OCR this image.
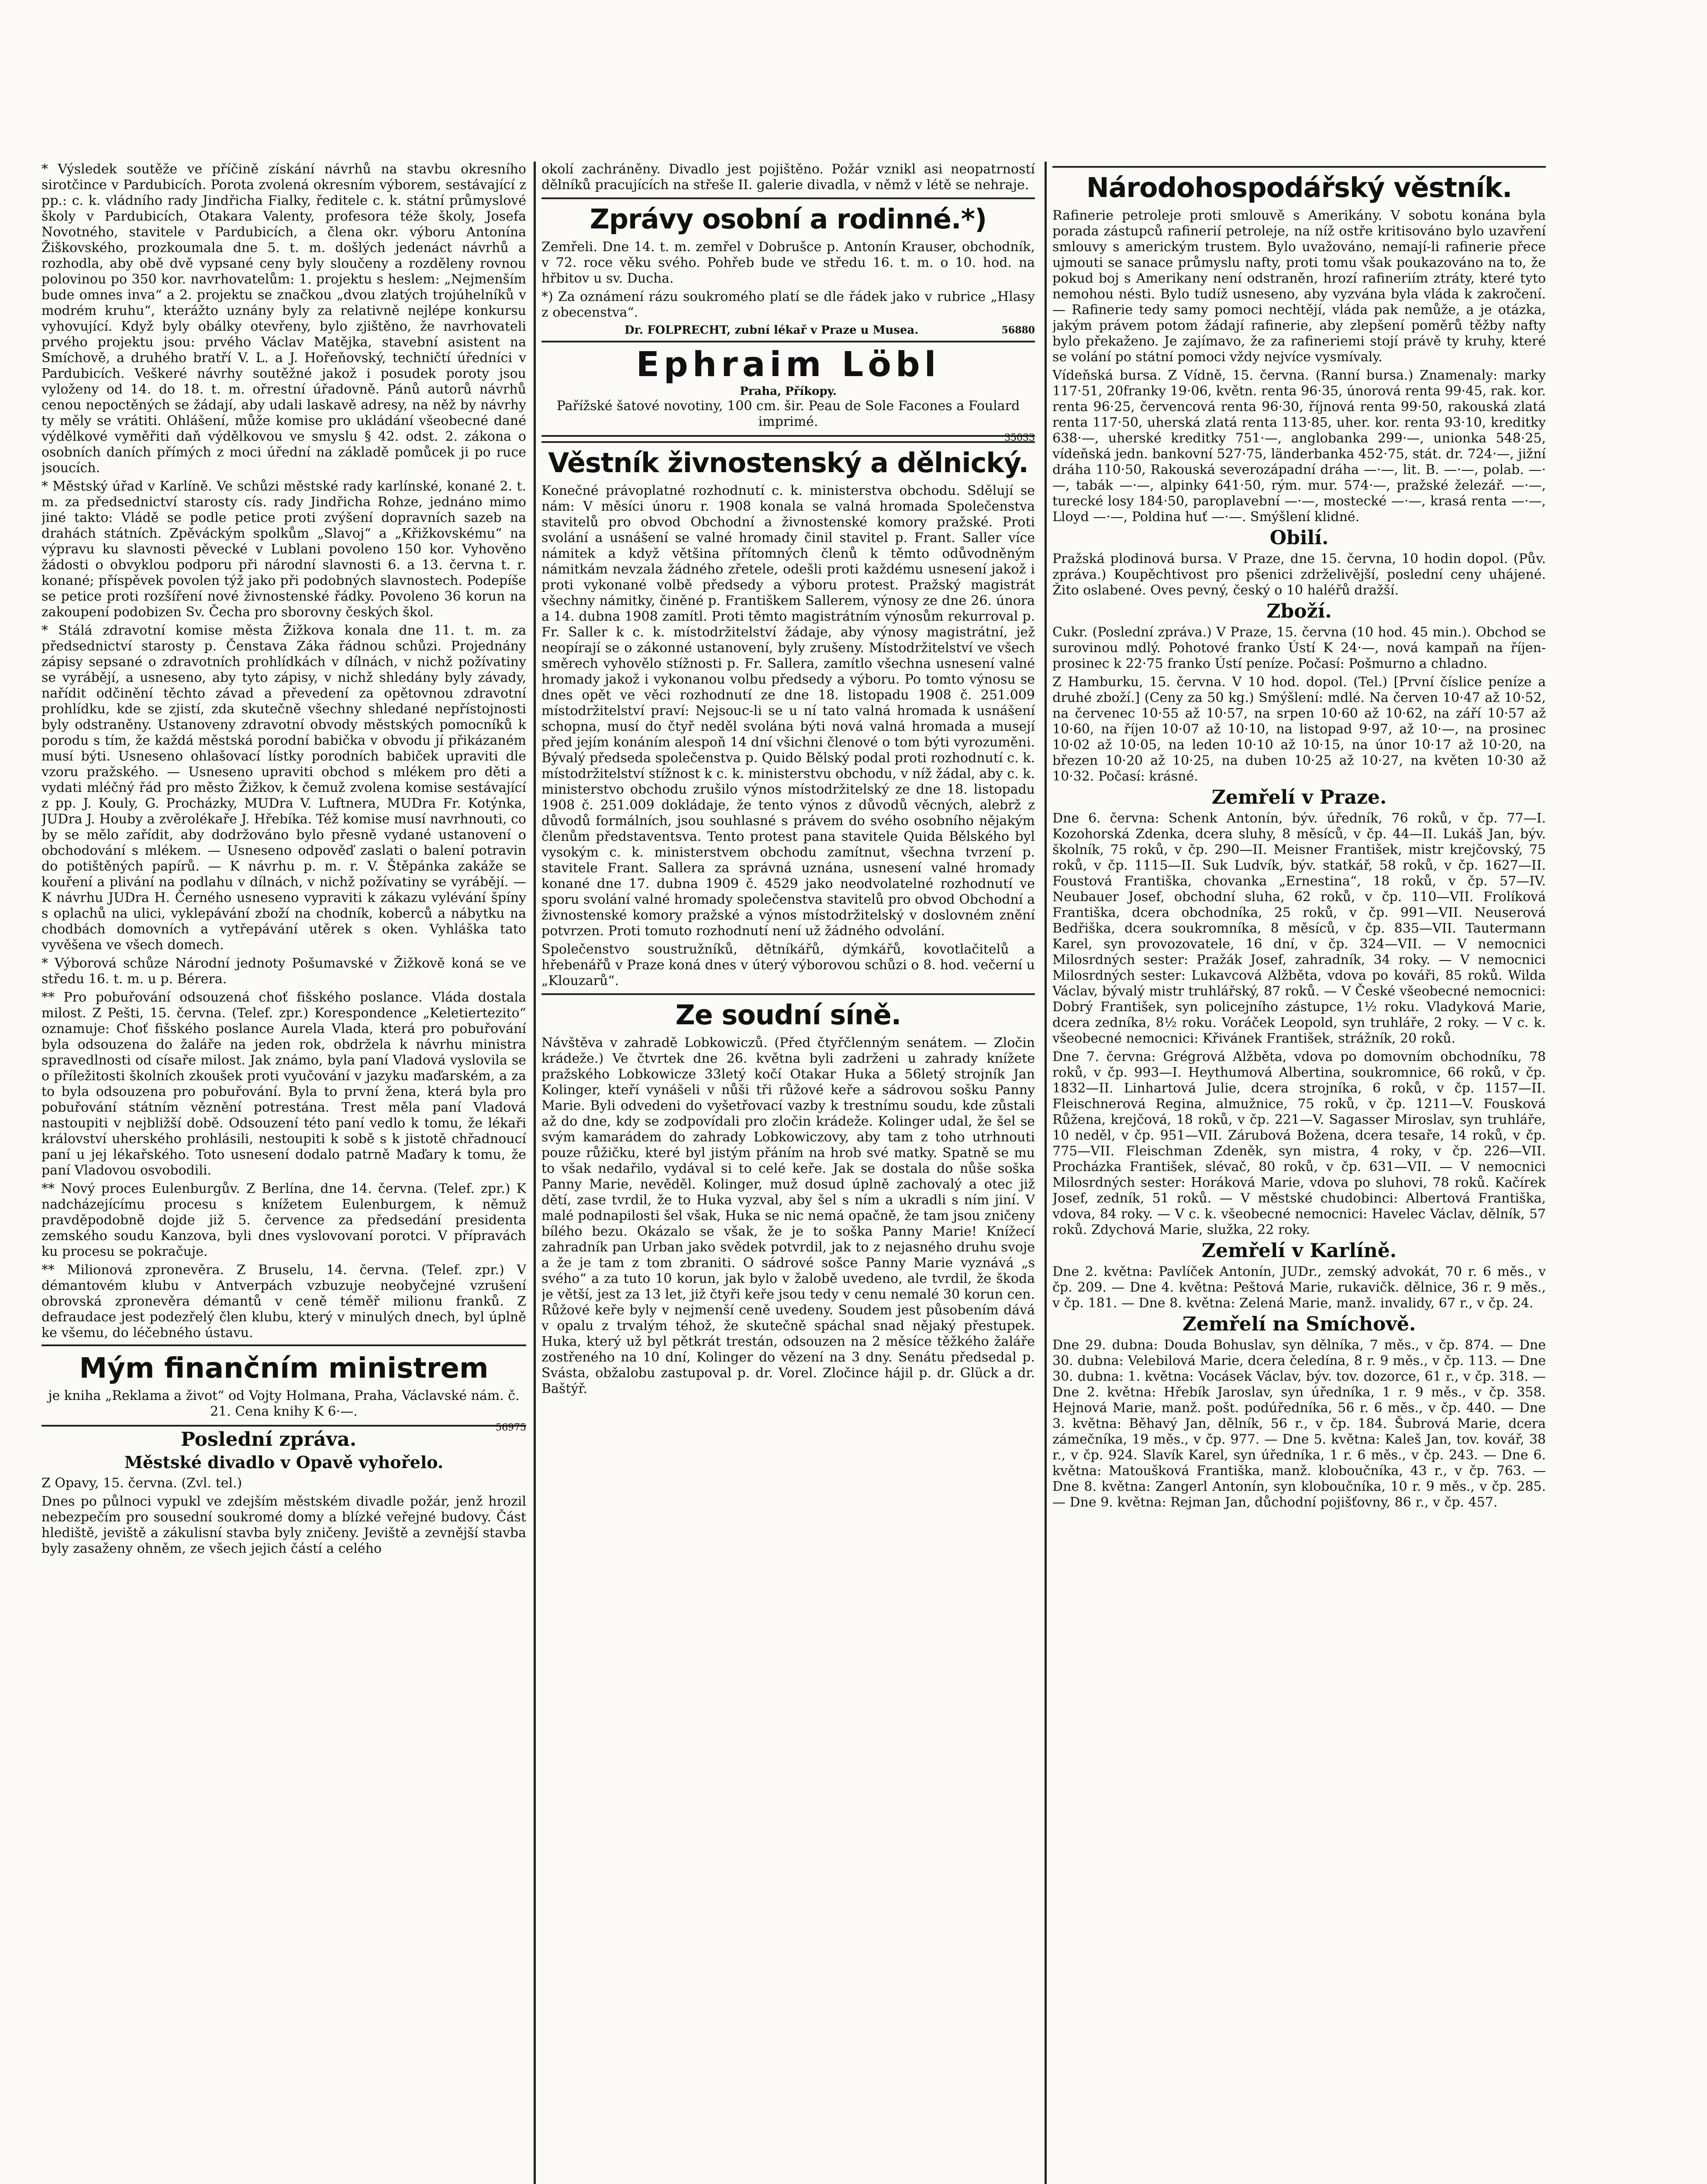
* Výsledek soutěže ve příčině získání návrhů na stavbu okresního sirotčince v Pardubicích. Porota zvolená okresním výborem, sestávající z pp.: c. k. vládního rady Jindřicha Fialky, ředitele c. k. státní průmyslové školy v Pardubicích, Otakara Valenty, profesora téže školy, Josefa Novotného, stavitele v Pardubicích, a člena okr. výboru Antonína Žiškovského, prozkoumala dne 5. t. m. došlých jedenáct návrhů a rozhodla, aby obě dvě vypsané ceny byly sloučeny a rozděleny rovnou polovinou po 350 kor. navrhovatelům: 1. projektu s heslem: „Nejmenším bude omnes inva“ a 2. projektu se značkou „dvou zlatých trojúhelníků v modrém kruhu“, kterážto uznány byly za relativně nejlépe konkursu vyhovující. Když byly obálky otevřeny, bylo zjištěno, že navrhovateli prvého projektu jsou: prvého Václav Matějka, stavební asistent na Smíchově, a druhého bratří V. L. a J. Hořeňovský, techničtí úředníci v Pardubicích. Veškeré návrhy soutěžné jakož i posudek poroty jsou vyloženy od 14. do 18. t. m. ořrestní úřadovně. Pánů autorů návrhů cenou nepoctěných se žádají, aby udali laskavě adresy, na něž by návrhy ty měly se vrátiti. Ohlášení, může komise pro ukládání všeobecné dané výdělkové vyměřiti daň výdělkovou ve smyslu § 42. odst. 2. zákona o osobních daních přímých z moci úřední na základě pomůcek ji po ruce jsoucích.

* Městský úřad v Karlíně. Ve schůzi městské rady karlínské, konané 2. t. m. za předsednictví starosty cís. rady Jindřicha Rohze, jednáno mimo jiné takto: Vládě se podle petice proti zvýšení dopravních sazeb na drahách státních. Zpěváckým spolkům „Slavoj“ a „Křižkovskému“ na výpravu ku slavnosti pěvecké v Lublani povoleno 150 kor. Vyhověno žádosti o obvyklou podporu při národní slavnosti 6. a 13. června t. r. konané; příspěvek povolen týž jako při podobných slavnostech. Podepíše se petice proti rozšíření nové živnostenské řádky. Povoleno 36 korun na zakoupení podobizen Sv. Čecha pro sborovny českých škol.

* Stálá zdravotní komise města Žižkova konala dne 11. t. m. za předsednictví starosty p. Čenstava Záka řádnou schůzi. Projednány zápisy sepsané o zdravotních prohlídkách v dílnách, v nichž požívatiny se vyrábějí, a usneseno, aby tyto zápisy, v nichž shledány byly závady, nařídit odčinění těchto závad a převedení za opětovnou zdravotní prohlídku, kde se zjistí, zda skutečně všechny shledané nepřístojnosti byly odstraněny. Ustanoveny zdravotní obvody městských pomocníků k porodu s tím, že každá městská porodní babička v obvodu jí přikázaném musí býti. Usneseno ohlašovací lístky porodních babiček upraviti dle vzoru pražského. — Usneseno upraviti obchod s mlékem pro děti a vydati mléčný řád pro město Žižkov, k čemuž zvolena komise sestávající z pp. J. Kouly, G. Procházky, MUDra V. Luftnera, MUDra Fr. Kotýnka, JUDra J. Houby a zvěrolékaře J. Hřebíka. Též komise musí navrhnouti, co by se mělo zařídit, aby dodržováno bylo přesně vydané ustanovení o obchodování s mlékem. — Usneseno odpověď zaslati o balení potravin do potištěných papírů. — K návrhu p. m. r. V. Štěpánka zakáže se kouření a plivání na podlahu v dílnách, v nichž požívatiny se vyrábějí. — K návrhu JUDra H. Černého usneseno vypraviti k zákazu vylévání špíny s oplachů na ulici, vyklepávání zboží na chodník, koberců a nábytku na chodbách domovních a vytřepávání utěrek s oken. Vyhláška tato vyvěšena ve všech domech.

* Výborová schůze Národní jednoty Pošumavské v Žižkově koná se ve středu 16. t. m. u p. Bérera.

** Pro pobuřování odsouzená choť fišského poslance. Vláda dostala milost. Z Pešti, 15. června. (Telef. zpr.) Korespondence „Keletiertezito“ oznamuje: Choť fišského poslance Aurela Vlada, která pro pobuřování byla odsouzena do žaláře na jeden rok, obdržela k návrhu ministra spravedlnosti od císaře milost. Jak známo, byla paní Vladová vyslovila se o příležitosti školních zkoušek proti vyučování v jazyku maďarském, a za to byla odsouzena pro pobuřování. Byla to první žena, která byla pro pobuřování státním věznění potrestána. Trest měla paní Vladová nastoupiti v nejbližší době. Odsouzení této paní vedlo k tomu, že lékaři království uherského prohlásili, nestoupiti k sobě s k jistotě chřadnoucí paní u jej lékařského. Toto usnesení dodalo patrně Maďary k tomu, že paní Vladovou osvobodili.

** Nový proces Eulenburgův. Z Berlína, dne 14. června. (Telef. zpr.) K nadcházejícímu procesu s knížetem Eulenburgem, k němuž pravděpodobně dojde již 5. července za předsedání presidenta zemského soudu Kanzova, byli dnes vyslovovaní porotci. V přípravách ku procesu se pokračuje.

** Milionová zpronevěra. Z Bruselu, 14. června. (Telef. zpr.) V démantovém klubu v Antverpách vzbuzuje neobyčejné vzrušení obrovská zpronevěra démantů v ceně téměř milionu franků. Z defraudace jest podezřelý člen klubu, který v minulých dnech, byl úplně ke všemu, do léčebného ústavu.

Mým finančním ministrem

je kniha „Reklama a život“ od Vojty Holmana, Praha, Václavské nám. č. 21. Cena knihy K 6·—.

56975
Poslední zpráva.
Městské divadlo v Opavě vyhořelo.

Z Opavy, 15. června. (Zvl. tel.)

Dnes po půlnoci vypukl ve zdejším městském divadle požár, jenž hrozil nebezpečím pro sousední soukromé domy a blízké veřejné budovy. Část hlediště, jeviště a zákulisní stavba byly zničeny. Jeviště a zevnější stavba byly zasaženy ohněm, ze všech jejich částí a celého

okolí zachráněny. Divadlo jest pojištěno. Požár vznikl asi neopatrností dělníků pracujících na střeše II. galerie divadla, v němž v létě se nehraje.

Zprávy osobní a rodinné.*)

Zemřeli. Dne 14. t. m. zemřel v Dobrušce p. Antonín Krauser, obchodník, v 72. roce věku svého. Pohřeb bude ve středu 16. t. m. o 10. hod. na hřbitov u sv. Ducha.

*) Za oznámení rázu soukromého platí se dle řádek jako v rubrice „Hlasy z obecenstva“.

Dr. FOLPRECHT, zubní lékař v Praze u Musea.	56880
Ephraim Löbl
Praha, Příkopy.

Pařížské šatové novotiny, 100 cm. šir. Peau de Sole Facones a Foulard imprimé.

35033
Věstník živnostenský a dělnický.

Konečné právoplatné rozhodnutí c. k. ministerstva obchodu. Sdělují se nám: V měsíci únoru r. 1908 konala se valná hromada Společenstva stavitelů pro obvod Obchodní a živnostenské komory pražské. Proti svolání a usnášení se valné hromady činil stavitel p. Frant. Saller více námitek a když většina přítomných členů k těmto odůvodněným námitkám nevzala žádného zřetele, odešli proti každému usnesení jakož i proti vykonané volbě předsedy a výboru protest. Pražský magistrát všechny námitky, činěné p. Františkem Sallerem, výnosy ze dne 26. února a 14. dubna 1908 zamítl. Proti těmto magistrátním výnosům rekurroval p. Fr. Saller k c. k. místodržitelství žádaje, aby výnosy magistrátní, jež neopírají se o zákonné ustanovení, byly zrušeny. Místodržitelství ve všech směrech vyhovělo stížnosti p. Fr. Sallera, zamítlo všechna usnesení valné hromady jakož i vykonanou volbu předsedy a výboru. Po tomto výnosu se dnes opět ve věci rozhodnutí ze dne 18. listopadu 1908 č. 251.009 místodržitelství praví: Nejsouc-li se u ní tato valná hromada k usnášení schopna, musí do čtyř neděl svolána býti nová valná hromada a musejí před jejím konáním alespoň 14 dní všichni členové o tom býti vyrozuměni. Bývalý předseda společenstva p. Quido Bělský podal proti rozhodnutí c. k. místodržitelství stížnost k c. k. ministerstvu obchodu, v níž žádal, aby c. k. ministerstvo obchodu zrušilo výnos místodržitelský ze dne 18. listopadu 1908 č. 251.009 dokládaje, že tento výnos z důvodů věcných, alebrž z důvodů formálních, jsou souhlasné s právem do svého osobního nějakým členům představentsva. Tento protest pana stavitele Quida Bělského byl vysokým c. k. ministerstvem obchodu zamítnut, všechna tvrzení p. stavitele Frant. Sallera za správná uznána, usnesení valné hromady konané dne 17. dubna 1909 č. 4529 jako neodvolatelné rozhodnutí ve sporu svolání valné hromady společenstva stavitelů pro obvod Obchodní a živnostenské komory pražské a výnos místodržitelský v doslovném znění potvrzen. Proti tomuto rozhodnutí není už žádného odvolání.

Společenstvo soustružníků, dětníkářů, dýmkářů, kovotlačitelů a hřebenářů v Praze koná dnes v úterý výborovou schůzi o 8. hod. večerní u „Klouzarů“.

Ze soudní síně.

Návštěva v zahradě Lobkowiczů. (Před čtyřčlenným senátem. — Zločin krádeže.) Ve čtvrtek dne 26. května byli zadrženi u zahrady knížete pražského Lobkowicze 33letý kočí Otakar Huka a 56letý strojník Jan Kolinger, kteří vynášeli v nůši tři růžové keře a sádrovou sošku Panny Marie. Byli odvedeni do vyšetřovací vazby k trestnímu soudu, kde zůstali až do dne, kdy se zodpovídali pro zločin krádeže. Kolinger udal, že šel se svým kamarádem do zahrady Lobkowiczovy, aby tam z toho utrhnouti pouze růžičku, které byl jistým přáním na hrob své matky. Spatně se mu to však nedařilo, vydával si to celé keře. Jak se dostala do nůše soška Panny Marie, nevěděl. Kolinger, muž dosud úplně zachovalý a otec již dětí, zase tvrdil, že to Huka vyzval, aby šel s ním a ukradli s ním jiní. V malé podnapilosti šel však, Huka se nic nemá opačně, že tam jsou zničeny bílého bezu. Okázalo se však, že je to soška Panny Marie! Knížecí zahradník pan Urban jako svědek potvrdil, jak to z nejasného druhu svoje a že je tam z tom zbraniti. O sádrové sošce Panny Marie vyznává „s svého“ a za tuto 10 korun, jak bylo v žalobě uvedeno, ale tvrdil, že škoda je větší, jest za 13 let, již čtyři keře jsou tedy v cenu nemalé 30 korun cen. Růžové keře byly v nejmenší ceně uvedeny. Soudem jest působením dává v opalu z trvalým téhož, že skutečně spáchal snad nějaký přestupek. Huka, který už byl pětkrát trestán, odsouzen na 2 měsíce těžkého žaláře zostřeného na 10 dní, Kolinger do vězení na 3 dny. Senátu předsedal p. Svásta, obžalobu zastupoval p. dr. Vorel. Zločince hájil p. dr. Glück a dr. Baštýř.

Národohospodářský věstník.

Rafinerie petroleje proti smlouvě s Amerikány. V sobotu konána byla porada zástupců rafinerií petroleje, na níž ostře kritisováno bylo uzavření smlouvy s americkým trustem. Bylo uvažováno, nemají-li rafinerie přece ujmouti se sanace průmyslu nafty, proti tomu však poukazováno na to, že pokud boj s Amerikany není odstraněn, hrozí rafineriím ztráty, které tyto nemohou nésti. Bylo tudíž usneseno, aby vyzvána byla vláda k zakročení. — Rafinerie tedy samy pomoci nechtějí, vláda pak nemůže, a je otázka, jakým právem potom žádají rafinerie, aby zlepšení poměrů těžby nafty bylo překaženo. Je zajímavo, že za rafineriemi stojí právě ty kruhy, které se volání po státní pomoci vždy nejvíce vysmívaly.

Vídeňská bursa. Z Vídně, 15. června. (Ranní bursa.) Znamenaly: marky 117·51, 20franky 19·06, květn. renta 96·35, únorová renta 99·45, rak. kor. renta 96·25, červencová renta 96·30, říjnová renta 99·50, rakouská zlatá renta 117·50, uherská zlatá renta 113·85, uher. kor. renta 93·10, kreditky 638·—, uherské kreditky 751·—, anglobanka 299·—, unionka 548·25, vídeňská jedn. bankovní 527·75, länderbanka 452·75, stát. dr. 724·—, jižní dráha 110·50, Rakouská severozápadní dráha —·—, lit. B. —·—, polab. —·—, tabák —·—, alpinky 641·50, rým. mur. 574·—, pražské železář. —·—, turecké losy 184·50, paroplavební —·—, mostecké —·—, krasá renta —·—, Lloyd —·—, Poldina huť —·—. Smýšlení klidné.

Obilí.

Pražská plodinová bursa. V Praze, dne 15. června, 10 hodin dopol. (Pův. zpráva.) Koupěchtivost pro pšenici zdrželivější, poslední ceny uhájené. Žito oslabené. Oves pevný, český o 10 haléřů dražší.

Zboží.

Cukr. (Poslední zpráva.) V Praze, 15. června (10 hod. 45 min.). Obchod se surovinou mdlý. Pohotové franko Ústí K 24·—, nová kampaň na říjen-prosinec k 22·75 franko Ústí peníze. Počasí: Pošmurno a chladno.

Z Hamburku, 15. června. V 10 hod. dopol. (Tel.) [První číslice peníze a druhé zboží.] (Ceny za 50 kg.) Smýšlení: mdlé. Na červen 10·47 až 10·52, na červenec 10·55 až 10·57, na srpen 10·60 až 10·62, na září 10·57 až 10·60, na říjen 10·07 až 10·10, na listopad 9·97, až 10·—, na prosinec 10·02 až 10·05, na leden 10·10 až 10·15, na únor 10·17 až 10·20, na březen 10·20 až 10·25, na duben 10·25 až 10·27, na květen 10·30 až 10·32. Počasí: krásné.

Zemřelí v Praze.

Dne 6. června: Schenk Antonín, býv. úředník, 76 roků, v čp. 77—I. Kozohorská Zdenka, dcera sluhy, 8 měsíců, v čp. 44—II. Lukáš Jan, býv. školník, 75 roků, v čp. 290—II. Meisner František, mistr krejčovský, 75 roků, v čp. 1115—II. Suk Ludvík, býv. statkář, 58 roků, v čp. 1627—II. Foustová Františka, chovanka „Ernestina“, 18 roků, v čp. 57—IV. Neubauer Josef, obchodní sluha, 62 roků, v čp. 110—VII. Frolíková Františka, dcera obchodníka, 25 roků, v čp. 991—VII. Neuserová Bedřiška, dcera soukromníka, 8 měsíců, v čp. 835—VII. Tautermann Karel, syn provozovatele, 16 dní, v čp. 324—VII. — V nemocnici Milosrdných sester: Pražák Josef, zahradník, 34 roky. — V nemocnici Milosrdných sester: Lukavcová Alžběta, vdova po kováři, 85 roků. Wilda Václav, bývalý mistr truhlářský, 87 roků. — V České všeobecné nemocnici: Dobrý František, syn policejního zástupce, 1½ roku. Vladyková Marie, dcera zedníka, 8½ roku. Voráček Leopold, syn truhláře, 2 roky. — V c. k. všeobecné nemocnici: Křivánek František, strážník, 20 roků.

Dne 7. června: Grégrová Alžběta, vdova po domovním obchodníku, 78 roků, v čp. 993—I. Heythumová Albertina, soukromnice, 66 roků, v čp. 1832—II. Linhartová Julie, dcera strojníka, 6 roků, v čp. 1157—II. Fleischnerová Regina, almužnice, 75 roků, v čp. 1211—V. Fousková Růžena, krejčová, 18 roků, v čp. 221—V. Sagasser Miroslav, syn truhláře, 10 neděl, v čp. 951—VII. Zárubová Božena, dcera tesaře, 14 roků, v čp. 775—VII. Fleischman Zdeněk, syn mistra, 4 roky, v čp. 226—VII. Procházka František, slévač, 80 roků, v čp. 631—VII. — V nemocnici Milosrdných sester: Horáková Marie, vdova po sluhovi, 78 roků. Kačírek Josef, zedník, 51 roků. — V městské chudobinci: Albertová Františka, vdova, 84 roky. — V c. k. všeobecné nemocnici: Havelec Václav, dělník, 57 roků. Zdychová Marie, služka, 22 roky.

Zemřelí v Karlíně.

Dne 2. května: Pavlíček Antonín, JUDr., zemský advokát, 70 r. 6 měs., v čp. 209. — Dne 4. května: Peštová Marie, rukavičk. dělnice, 36 r. 9 měs., v čp. 181. — Dne 8. května: Zelená Marie, manž. invalidy, 67 r., v čp. 24.

Zemřelí na Smíchově.

Dne 29. dubna: Douda Bohuslav, syn dělníka, 7 měs., v čp. 874. — Dne 30. dubna: Velebilová Marie, dcera čeledína, 8 r. 9 měs., v čp. 113. — Dne 30. dubna: 1. května: Vocásek Václav, býv. tov. dozorce, 61 r., v čp. 318. — Dne 2. května: Hřebík Jaroslav, syn úředníka, 1 r. 9 měs., v čp. 358. Hejnová Marie, manž. pošt. podúředníka, 56 r. 6 měs., v čp. 440. — Dne 3. května: Běhavý Jan, dělník, 56 r., v čp. 184. Šubrová Marie, dcera zámečníka, 19 měs., v čp. 977. — Dne 5. května: Kaleš Jan, tov. kovář, 38 r., v čp. 924. Slavík Karel, syn úředníka, 1 r. 6 měs., v čp. 243. — Dne 6. května: Matoušková Františka, manž. kloboučníka, 43 r., v čp. 763. — Dne 8. května: Zangerl Antonín, syn kloboučníka, 10 r. 9 měs., v čp. 285. — Dne 9. května: Rejman Jan, důchodní pojišťovny, 86 r., v čp. 457.
